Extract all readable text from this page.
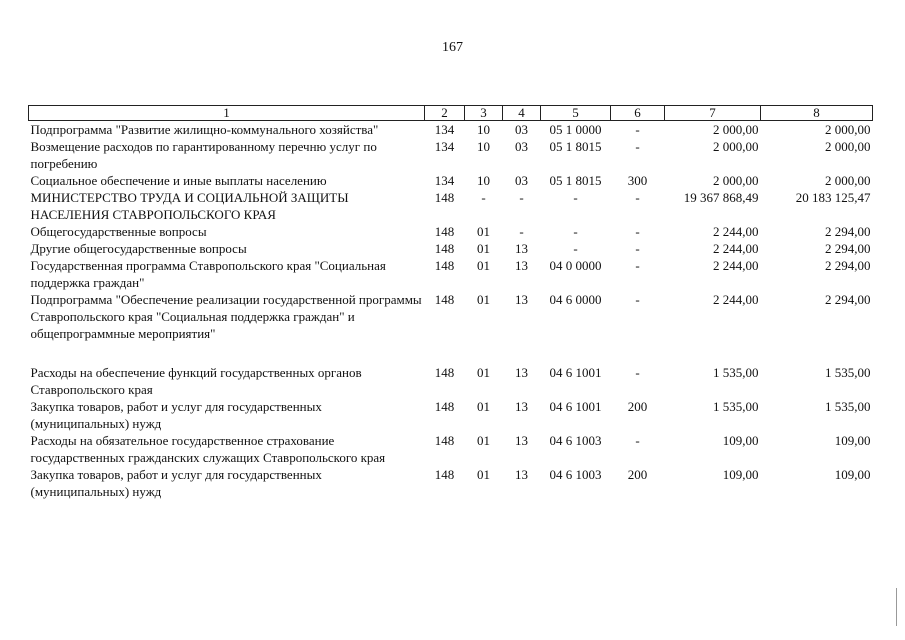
167
1	2	3	4	5	6	7	8
Подпрограмма "Развитие жилищно-коммунального хозяйства"	134	10	03	05 1 0000	-	2 000,00	2 000,00
Возмещение расходов по гарантированному перечню услуг по погребению	134	10	03	05 1 8015	-	2 000,00	2 000,00
Социальное обеспечение и иные выплаты населению	134	10	03	05 1 8015	300	2 000,00	2 000,00
МИНИСТЕРСТВО ТРУДА И СОЦИАЛЬНОЙ ЗАЩИТЫ НАСЕЛЕНИЯ СТАВРОПОЛЬСКОГО КРАЯ	148	-	-	-	-	19 367 868,49	20 183 125,47
Общегосударственные вопросы	148	01	-	-	-	2 244,00	2 294,00
Другие общегосударственные вопросы	148	01	13	-	-	2 244,00	2 294,00
Государственная программа Ставропольского края "Социальная поддержка граждан"	148	01	13	04 0 0000	-	2 244,00	2 294,00
Подпрограмма "Обеспечение реализации государственной программы Ставропольского края "Социальная поддержка граждан" и общепрограммные мероприятия"	148	01	13	04 6 0000	-	2 244,00	2 294,00

Расходы на обеспечение функций государственных органов Ставропольского края	148	01	13	04 6 1001	-	1 535,00	1 535,00
Закупка товаров, работ и услуг для государственных (муниципальных) нужд	148	01	13	04 6 1001	200	1 535,00	1 535,00
Расходы на обязательное государственное страхование государственных гражданских служащих Ставропольского края	148	01	13	04 6 1003	-	109,00	109,00
Закупка товаров, работ и услуг для государственных (муниципальных) нужд	148	01	13	04 6 1003	200	109,00	109,00
